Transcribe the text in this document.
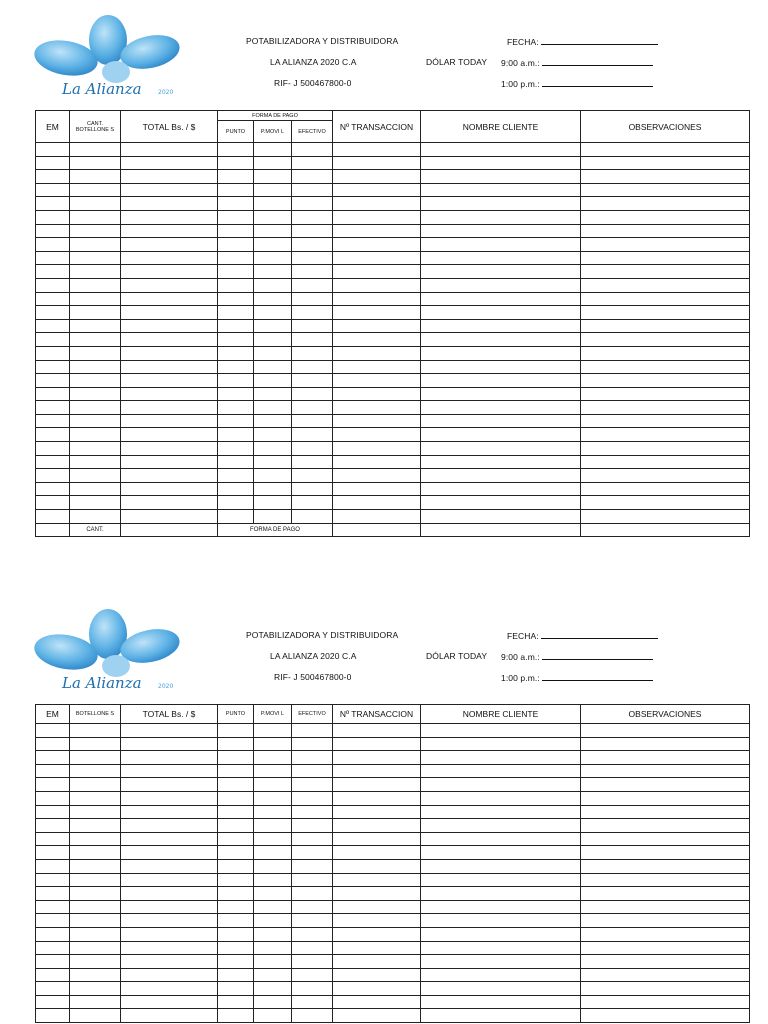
La Alianza	2020
POTABILIZADORA Y DISTRIBUIDORA
LA ALIANZA 2020 C.A
RIF- J 500467800-0
FECHA:
DÓLAR TODAY 9:00 a.m.:
1:00 p.m.:
EM	CANT. BOTELLONE S	TOTAL Bs. / $	FORMA DE PAGO			Nº TRANSACCION	NOMBRE CLIENTE	OBSERVACIONES
			PUNTO	P.MOVI L	EFECTIVO			

	CANT.		FORMA DE PAGO					
La Alianza	2020
POTABILIZADORA Y DISTRIBUIDORA
LA ALIANZA 2020 C.A
RIF- J 500467800-0
FECHA:
DÓLAR TODAY 9:00 a.m.:
1:00 p.m.:
EM	BOTELLONE S	TOTAL Bs. / $	PUNTO	P.MOVI L	EFECTIVO	Nº TRANSACCION	NOMBRE CLIENTE	OBSERVACIONES
